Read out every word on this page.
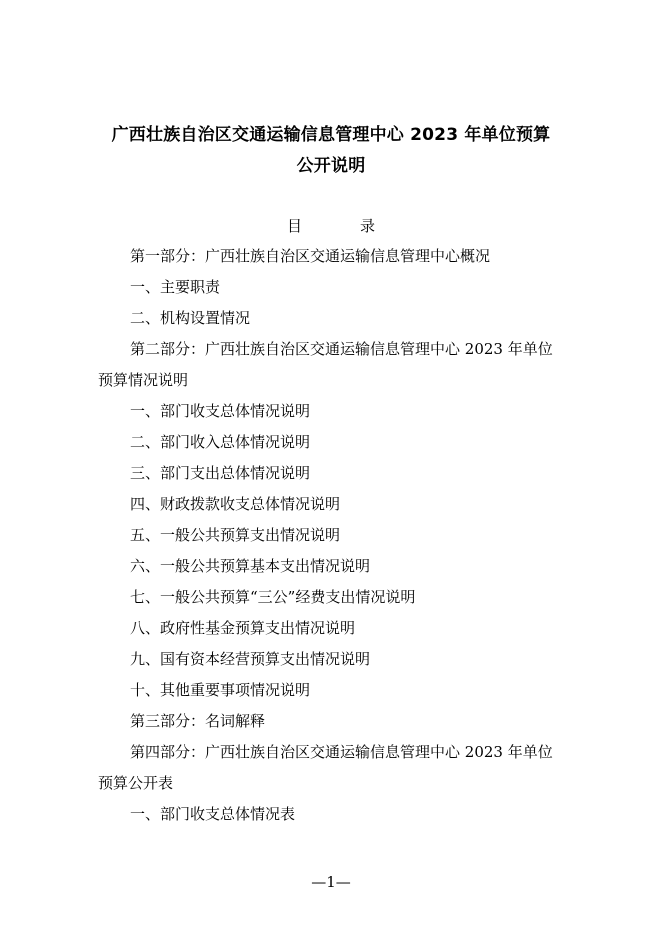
广西壮族自治区交通运输信息管理中心 2023 年单位预算
公开说明
目	录
第一部分：广西壮族自治区交通运输信息管理中心概况
一、主要职责
二、机构设置情况
第二部分：广西壮族自治区交通运输信息管理中心 2023 年单位
预算情况说明
一、部门收支总体情况说明
二、部门收入总体情况说明
三、部门支出总体情况说明
四、财政拨款收支总体情况说明
五、一般公共预算支出情况说明
六、一般公共预算基本支出情况说明
七、一般公共预算“三公”经费支出情况说明
八、政府性基金预算支出情况说明
九、国有资本经营预算支出情况说明
十、其他重要事项情况说明
第三部分：名词解释
第四部分：广西壮族自治区交通运输信息管理中心 2023 年单位
预算公开表
一、部门收支总体情况表
—1—
